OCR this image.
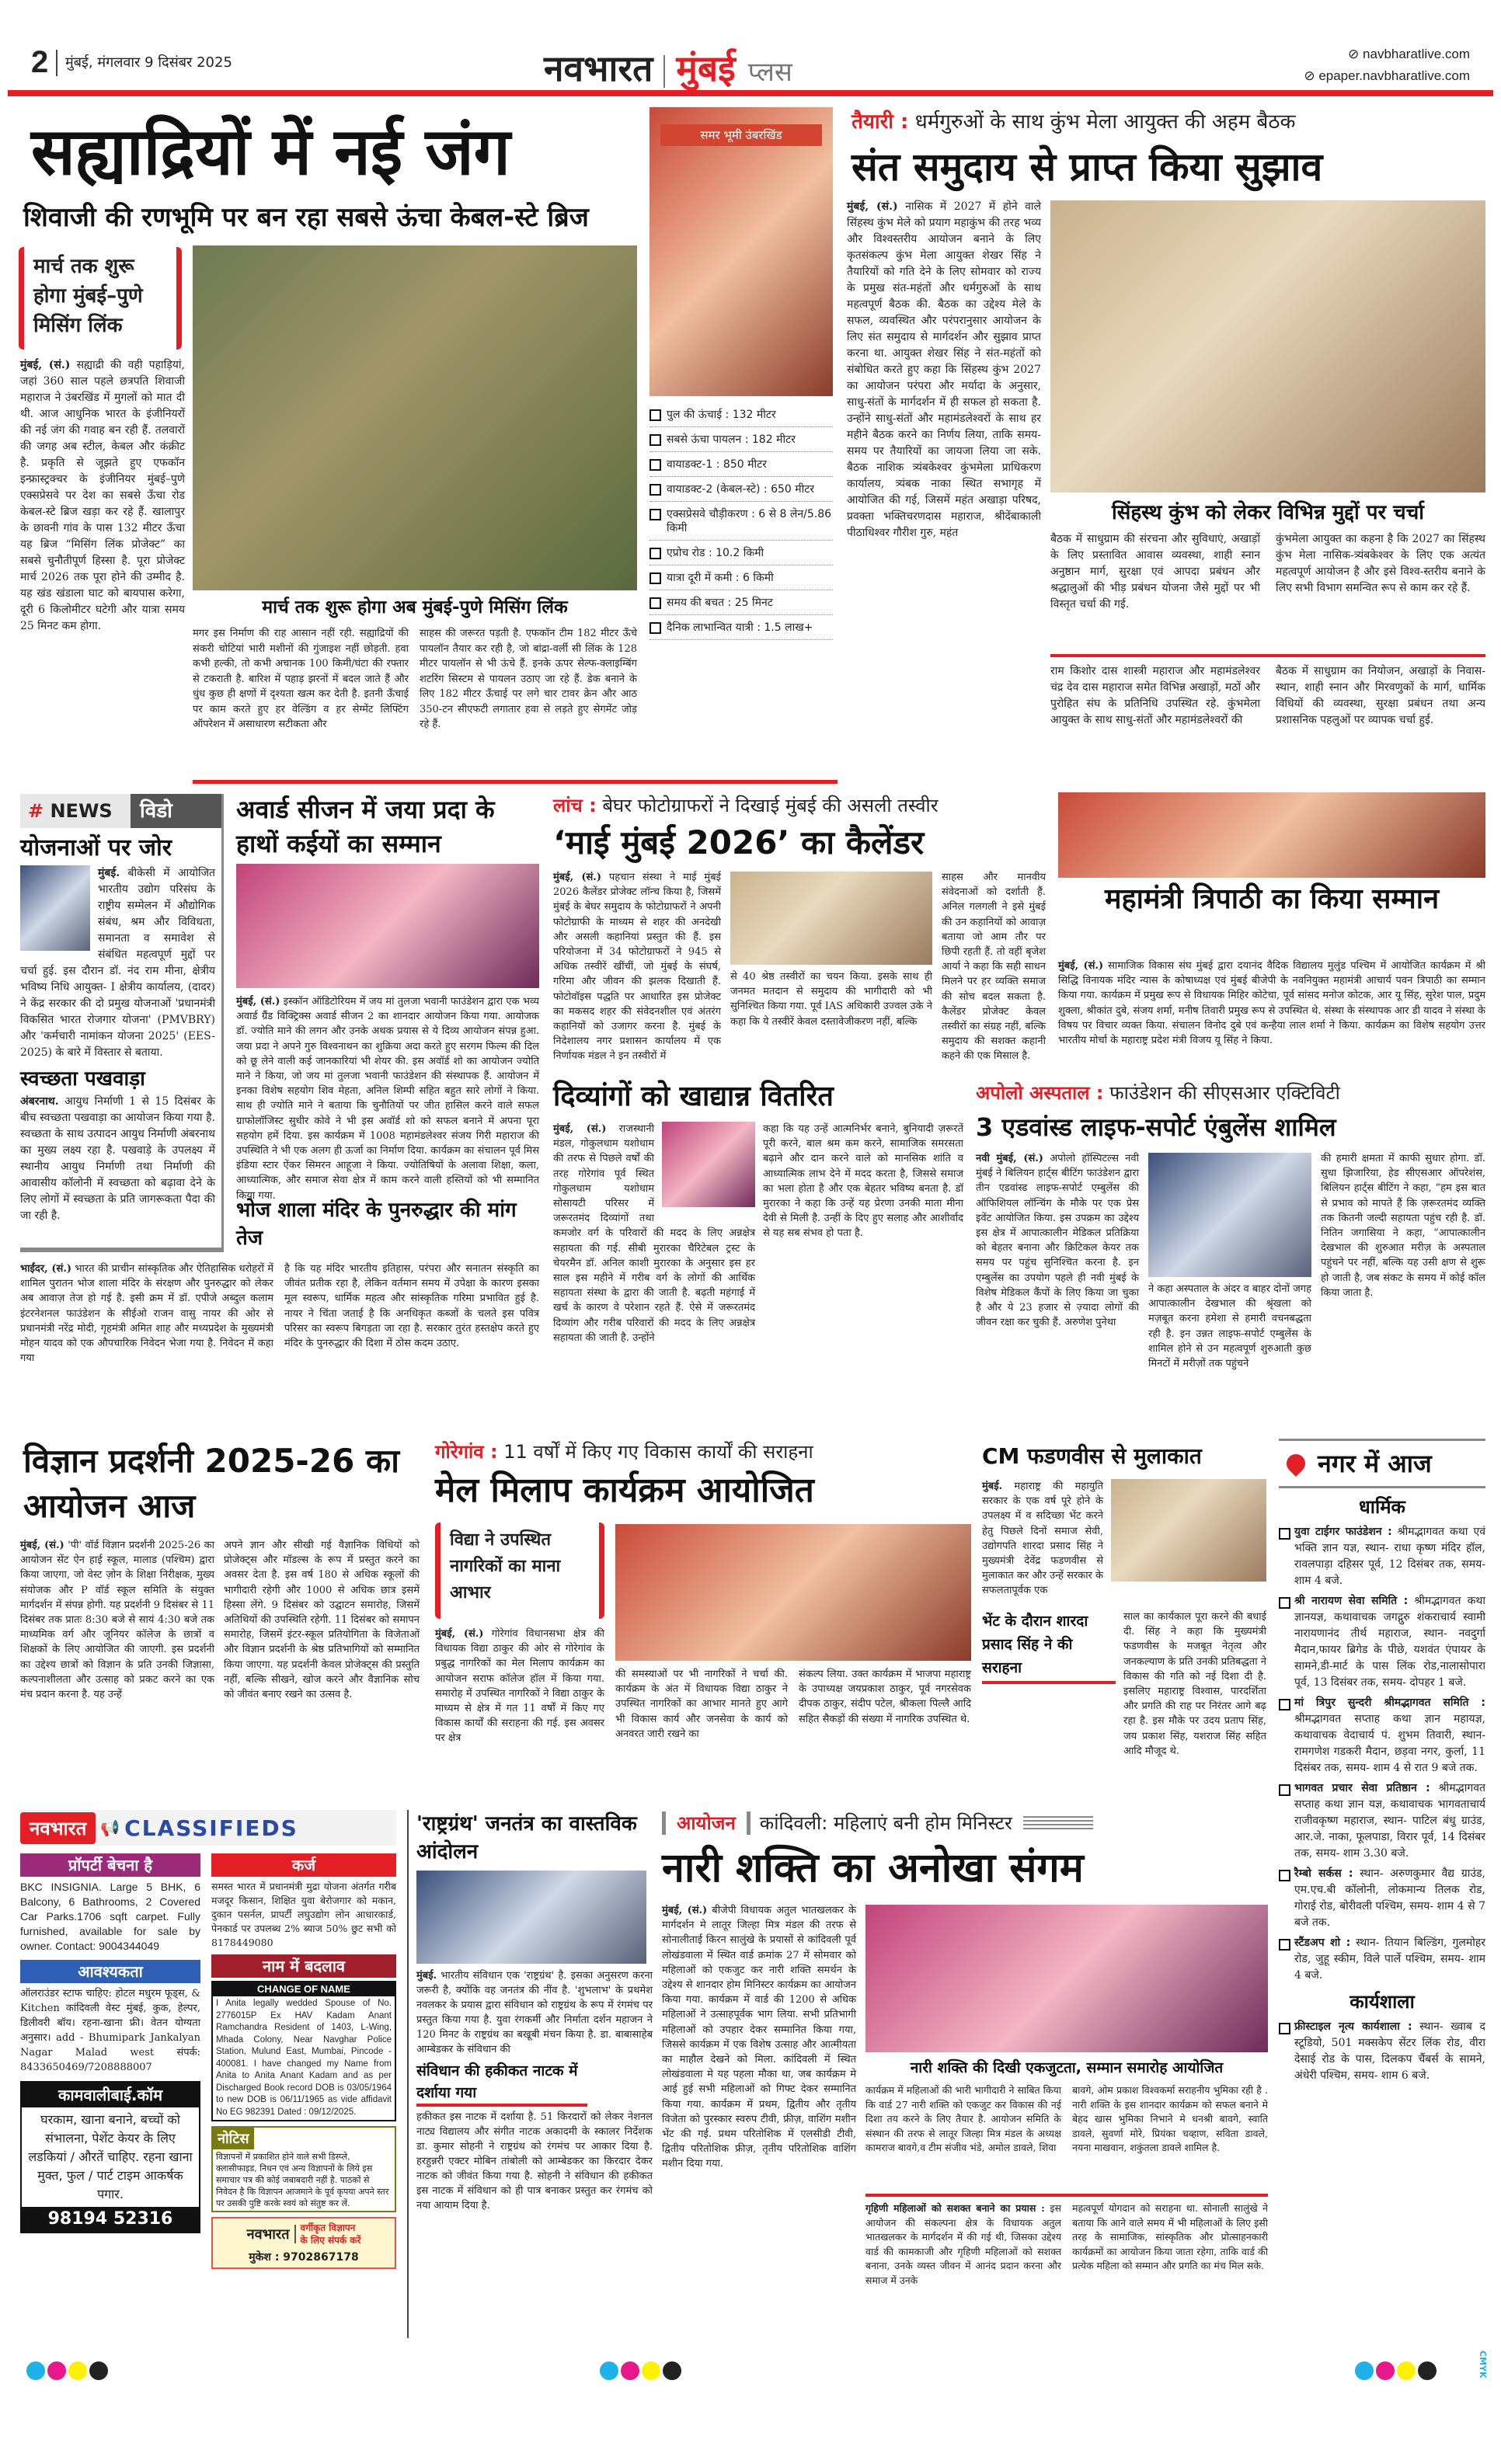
2	मुंबई, मंगलवार 9 दिसंबर 2025	नवभारत मुंबई प्लस
⊘ navbharatlive.com
⊘ epaper.navbharatlive.com
सह्याद्रियों में नई जंग
शिवाजी की रणभूमि पर बन रहा सबसे ऊंचा केबल-स्टे ब्रिज
मार्च तक शुरू होगा मुंबई–पुणे मिसिंग लिंक
मुंबई, (सं.) सह्याद्री की वही पहाड़ियां, जहां 360 साल पहले छत्रपति शिवाजी महाराज ने उंबरखिंड में मुगलों को मात दी थी. आज आधुनिक भारत के इंजीनियरों की नई जंग की गवाह बन रही हैं. तलवारों की जगह अब स्टील, केबल और कंक्रीट है. प्रकृति से जूझते हुए एफकॉन इन्फ्रास्ट्रक्चर के इंजीनियर मुंबई–पुणे एक्सप्रेसवे पर देश का सबसे ऊँचा रोड केबल-स्टे ब्रिज खड़ा कर रहे हैं. खालापुर के छावनी गांव के पास 132 मीटर ऊँचा यह ब्रिज “मिसिंग लिंक प्रोजेक्ट” का सबसे चुनौतीपूर्ण हिस्सा है. पूरा प्रोजेक्ट मार्च 2026 तक पूरा होने की उम्मीद है. यह खंड खंडाला घाट को बायपास करेगा, दूरी 6 किलोमीटर घटेगी और यात्रा समय 25 मिनट कम होगा.
मार्च तक शुरू होगा अब मुंबई-पुणे मिसिंग लिंक
मगर इस निर्माण की राह आसान नहीं रही. सह्याद्रियों की संकरी चोटियां भारी मशीनों की गुंजाइश नहीं छोड़ती. हवा कभी हल्की, तो कभी अचानक 100 किमी/घंटा की रफ्तार से टकराती है. बारिश में पहाड़ झरनों में बदल जाते हैं और धुंध कुछ ही क्षणों में दृश्यता खत्म कर देती है. इतनी ऊँचाई पर काम करते हुए हर वेल्डिंग व हर सेग्मेंट लिफ्टिंग ऑपरेशन में असाधारण सटीकता और
साहस की जरूरत पड़ती है. एफकॉन टीम 182 मीटर ऊँचे पायलॉन तैयार कर रही है, जो बांद्रा-वर्ली सी लिंक के 128 मीटर पायलॉन से भी ऊंचे हैं. इनके ऊपर सेल्फ-क्लाइम्बिंग शटरिंग सिस्टम से पायलन उठाए जा रहे हैं. डेक बनाने के लिए 182 मीटर ऊँचाई पर लगे चार टावर क्रेन और आठ 350-टन सीएफटी लगातार हवा से लड़ते हुए सेगमेंट जोड़ रहे हैं.
समर भूमी उंबरखिंड
पुल की ऊंचाई : 132 मीटर
सबसे ऊंचा पायलन : 182 मीटर
वायाडक्ट-1 : 850 मीटर
वायाडक्ट-2 (केबल-स्टे) : 650 मीटर
एक्सप्रेसवे चौड़ीकरण : 6 से 8 लेन/5.86 किमी
एप्रोच रोड : 10.2 किमी
यात्रा दूरी में कमी : 6 किमी
समय की बचत : 25 मिनट
दैनिक लाभान्वित यात्री : 1.5 लाख+
तैयारी : धर्मगुरुओं के साथ कुंभ मेला आयुक्त की अहम बैठक
संत समुदाय से प्राप्त किया सुझाव
मुंबई, (सं.) नासिक में 2027 में होने वाले सिंहस्थ कुंभ मेले को प्रयाग महाकुंभ की तरह भव्य और विश्वस्तरीय आयोजन बनाने के लिए कृतसंकल्प कुंभ मेला आयुक्त शेखर सिंह ने तैयारियों को गति देने के लिए सोमवार को राज्य के प्रमुख संत-महंतों और धर्मगुरुओं के साथ महत्वपूर्ण बैठक की. बैठक का उद्देश्य मेले के सफल, व्यवस्थित और परंपरानुसार आयोजन के लिए संत समुदाय से मार्गदर्शन और सुझाव प्राप्त करना था. आयुक्त शेखर सिंह ने संत-महंतों को संबोधित करते हुए कहा कि सिंहस्थ कुंभ 2027 का आयोजन परंपरा और मर्यादा के अनुसार, साधु-संतों के मार्गदर्शन में ही सफल हो सकता है. उन्होंने साधु-संतों और महामंडलेश्वरों के साथ हर महीने बैठक करने का निर्णय लिया, ताकि समय-समय पर तैयारियों का जायजा लिया जा सके. बैठक नाशिक त्र्यंबकेश्वर कुंभमेला प्राधिकरण कार्यालय, त्र्यंबक नाका स्थित सभागृह में आयोजित की गई, जिसमें महंत अखाड़ा परिषद, प्रवक्ता भक्तिचरणदास महाराज, श्रीदेंबाकाली पीठाधिश्वर गौरीश गुरु, महंत
सिंहस्थ कुंभ को लेकर विभिन्न मुद्दों पर चर्चा
बैठक में साधुग्राम की संरचना और सुविधाएं, अखाड़ों के लिए प्रस्तावित आवास व्यवस्था, शाही स्नान अनुष्ठान मार्ग, सुरक्षा एवं आपदा प्रबंधन और श्रद्धालुओं की भीड़ प्रबंधन योजना जैसे मुद्दों पर भी विस्तृत चर्चा की गई.
कुंभमेला आयुक्त का कहना है कि 2027 का सिंहस्थ कुंभ मेला नासिक-त्र्यंबकेश्वर के लिए एक अत्यंत महत्वपूर्ण आयोजन है और इसे विश्व-स्तरीय बनाने के लिए सभी विभाग समन्वित रूप से काम कर रहे हैं.
राम किशोर दास शास्त्री महाराज और महामंडलेश्वर चंद्र देव दास महाराज समेत विभिन्न अखाड़ों, मठों और पुरोहित संघ के प्रतिनिधि उपस्थित रहे. कुंभमेला आयुक्त के साथ साधु-संतों और महामंडलेश्वरों की
बैठक में साधुग्राम का नियोजन, अखाड़ों के निवास-स्थान, शाही स्नान और मिरवणुकों के मार्ग, धार्मिक विधियों की व्यवस्था, सुरक्षा प्रबंधन तथा अन्य प्रशासनिक पहलुओं पर व्यापक चर्चा हुई.
# NEWS	विडो
योजनाओं पर जोर
मुंबई. बीकेसी में आयोजित भारतीय उद्योग परिसंघ के राष्ट्रीय सम्मेलन में औद्योगिक संबंध, श्रम और विविधता, समानता व समावेश से संबंधित महत्वपूर्ण मुद्दों पर चर्चा हुई. इस दौरान डॉ. नंद राम मीना, क्षेत्रीय भविष्य निधि आयुक्त- I क्षेत्रीय कार्यालय, (दादर) ने केंद्र सरकार की दो प्रमुख योजनाओं 'प्रधानमंत्री विकसित भारत रोजगार योजना' (PMVBRY) और 'कर्मचारी नामांकन योजना 2025' (EES-2025) के बारे में विस्तार से बताया.
स्वच्छता पखवाड़ा
अंबरनाथ. आयुध निर्माणी 1 से 15 दिसंबर के बीच स्वच्छता पखवाड़ा का आयोजन किया गया है. स्वच्छता के साथ उत्पादन आयुध निर्माणी अंबरनाथ का मुख्य लक्ष्य रहा है. पखवाड़े के उपलक्ष्य में स्थानीय आयुध निर्माणी तथा निर्माणी की आवासीय कॉलोनी में स्वच्छता को बढ़ावा देने के लिए लोगों में स्वच्छता के प्रति जागरूकता पैदा की जा रही है.
अवार्ड सीजन में जया प्रदा के हाथों कईयों का सम्मान
मुंबई, (सं.) इस्कॉन ऑडिटोरियम में जय मां तुलजा भवानी फाउंडेशन द्वारा एक भव्य अवार्ड ग्रैंड विक्ट्रिक्स अवार्ड सीजन 2 का शानदार आयोजन किया गया. आयोजक डॉ. ज्योति माने की लगन और उनके अथक प्रयास से ये दिव्य आयोजन संपन्न हुआ. जया प्रदा ने अपने गुरु विश्वनाथन का शुक्रिया अदा करते हुए सरगम फिल्म की दिल को छू लेने वाली कई जानकारियां भी शेयर की. इस अवॉर्ड शो का आयोजन ज्योति माने ने किया, जो जय मां तुलजा भवानी फाउंडेशन की संस्थापक हैं. आयोजन में इनका विशेष सहयोग शिव मेहता, अनिल शिम्पी सहित बहुत सारे लोगों ने किया. साथ ही ज्योति माने ने बताया कि चुनौतियों पर जीत हासिल करने वाले सफल ग्राफोलॉजिस्ट सुधीर कोवे ने भी इस अवॉर्ड शो को सफल बनाने में अपना पूरा सहयोग हमें दिया. इस कार्यक्रम में 1008 महामंडलेश्वर संजय गिरी महाराज की उपस्थिति ने भी एक अलग ही ऊर्जा का निर्माण दिया. कार्यक्रम का संचालन पूर्व मिस इंडिया स्टार ऐंकर सिमरन आहूजा ने किया. ज्योतिषियों के अलावा शिक्षा, कला, आध्यात्मिक, और समाज सेवा क्षेत्र में काम करने वाली हस्तियों को भी सम्मानित किया गया.
लांच : बेघर फोटोग्राफरों ने दिखाई मुंबई की असली तस्वीर
‘माई मुंबई 2026’ का कैलेंडर
मुंबई, (सं.) पहचान संस्था ने माई मुंबई 2026 कैलेंडर प्रोजेक्ट लॉन्च किया है, जिसमें मुंबई के बेघर समुदाय के फोटोग्राफरों ने अपनी फोटोग्राफी के माध्यम से शहर की अनदेखी और असली कहानियां प्रस्तुत की हैं. इस परियोजना में 34 फोटोग्राफरों ने 945 से अधिक तस्वीरें खींचीं, जो मुंबई के संघर्ष, गरिमा और जीवन की झलक दिखाती हैं. फोटोवॉइस पद्धति पर आधारित इस प्रोजेक्ट का मकसद शहर की संवेदनशील एवं अंतरंग कहानियों को उजागर करना है. मुंबई के निदेशालय नगर प्रशासन कार्यालय में एक निर्णायक मंडल ने इन तस्वीरों में
से 40 श्रेष्ठ तस्वीरों का चयन किया. इसके साथ ही जनमत मतदान से समुदाय की भागीदारी को भी सुनिश्चित किया गया. पूर्व IAS अधिकारी उज्वल उके ने कहा कि ये तस्वीरें केवल दस्तावेजीकरण नहीं, बल्कि
साहस और मानवीय संवेदनाओं को दर्शाती हैं. अनिल गलगली ने इसे मुंबई की उन कहानियों को आवाज़ बताया जो आम तौर पर छिपी रहती हैं. तो वहीं बृजेश आर्या ने कहा कि सही साधन मिलने पर हर व्यक्ति समाज की सोच बदल सकता है. कैलेंडर प्रोजेक्ट केवल तस्वीरों का संग्रह नहीं, बल्कि समुदाय की सशक्त कहानी कहने की एक मिसाल है.
महामंत्री त्रिपाठी का किया सम्मान
मुंबई, (सं.) सामाजिक विकास संघ मुंबई द्वारा दयानंद वैदिक विद्यालय मुलुंड पश्चिम में आयोजित कार्यक्रम में श्री सिद्धि विनायक मंदिर न्यास के कोषाध्यक्ष एवं मुंबई बीजेपी के नवनियुक्त महामंत्री आचार्य पवन त्रिपाठी का सम्मान किया गया. कार्यक्रम में प्रमुख रूप से विधायक मिहिर कोटेचा, पूर्व सांसद मनोज कोटक, आर यू सिंह, सुरेश पाल, प्रदुम शुक्ला, श्रीकांत दुबे, संजय शर्मा, मनीष तिवारी प्रमुख रूप से उपस्थित थे. संस्था के संस्थापक आर डी यादव ने संस्था के विषय पर विचार व्यक्त किया. संचालन विनोद दुबे एवं कन्हैया लाल शर्मा ने किया. कार्यक्रम का विशेष सहयोग उत्तर भारतीय मोर्चा के महाराष्ट्र प्रदेश मंत्री विजय यू सिंह ने किया.
दिव्यांगों को खाद्यान्न वितरित
मुंबई, (सं.) राजस्थानी मंडल, गोकुलधाम यशोधाम की तरफ से पिछले वर्षों की तरह गोरेगांव पूर्व स्थित गोकुलधाम यशोधाम सोसायटी परिसर में जरूरतमंद दिव्यांगों तथा कमजोर वर्ग के परिवारों की मदद के लिए अन्नक्षेत्र सहायता की गई. सीबी मुरारका चैरिटेबल ट्रस्ट के चेयरमैन डॉ. अनिल काशी मुरारका के अनुसार इस हर साल इस महीने में गरीब वर्ग के लोगों की आर्थिक सहायता संस्था के द्वारा की जाती है. बढ़ती महंगाई में खर्च के कारण वे परेशान रहते हैं. ऐसे में जरूरतमंद दिव्यांग और गरीब परिवारों की मदद के लिए अन्नक्षेत्र सहायता की जाती है. उन्होंने
कहा कि यह उन्हें आत्मनिर्भर बनाने, बुनियादी ज़रूरतें पूरी करने, बाल श्रम कम करने, सामाजिक समरसता बढ़ाने और दान करने वाले को मानसिक शांति व आध्यात्मिक लाभ देने में मदद करता है, जिससे समाज का भला होता है और एक बेहतर भविष्य बनता है. डॉ मुरारका ने कहा कि उन्हें यह प्रेरणा उनकी माता मीना देवी से मिली है. उन्हीं के दिए हुए सलाह और आशीर्वाद से यह सब संभव हो पता है.
अपोलो अस्पताल : फाउंडेशन की सीएसआर एक्टिविटी
3 एडवांस्ड लाइफ-सपोर्ट एंबुलेंस शामिल
नवी मुंबई, (सं.) अपोलो हॉस्पिटल्स नवी मुंबई ने बिलियन हार्ट्स बीटिंग फाउंडेशन द्वारा तीन एडवांस्ड लाइफ-सपोर्ट एम्बुलेंस की ऑफिशियल लॉन्चिंग के मौके पर एक प्रेस इवेंट आयोजित किया. इस उपक्रम का उद्देश्य इस क्षेत्र में आपात्कालीन मेडिकल प्रतिक्रिया को बेहतर बनाना और क्रिटिकल केयर तक समय पर पहुंच सुनिश्चित करना है. इन एम्बुलेंस का उपयोग पहले ही नवी मुंबई के विशेष मेडिकल कैंपों के लिए किया जा चुका है और ये 23 हजार से ज़्यादा लोगों की जीवन रक्षा कर चुकी हैं. अरुणेश पुनेथा
ने कहा अस्पताल के अंदर व बाहर दोनों जगह आपात्कालीन देखभाल की श्रृंखला को मज़बूत करना हमेशा से हमारी वचनबद्धता रही है. इन उन्नत लाइफ-सपोर्ट एम्बुलेंस के शामिल होने से उन महत्वपूर्ण शुरुआती कुछ मिनटों में मरीज़ों तक पहुंचने
की हमारी क्षमता में काफी सुधार होगा. डॉ. सुधा झिजारिया, हेड सीएसआर ऑपरेशंस, बिलियन हार्ट्स बीटिंग ने कहा, “हम इस बात से प्रभाव को मापते हैं कि ज़रूरतमंद व्यक्ति तक कितनी जल्दी सहायता पहुंच रही है. डॉ. नितिन जगासिया ने कहा, “आपात्कालीन देखभाल की शुरुआत मरीज़ के अस्पताल पहुंचने पर नहीं, बल्कि यह उसी क्षण से शुरू हो जाती है, जब संकट के समय में कोई कॉल किया जाता है.
भोज शाला मंदिर के पुनरुद्धार की मांग तेज
भाईंदर, (सं.) भारत की प्राचीन सांस्कृतिक और ऐतिहासिक धरोहरों में शामिल पुरातन भोज शाला मंदिर के संरक्षण और पुनरुद्धार को लेकर अब आवाज़ तेज हो गई है. इसी क्रम में डॉ. एपीजे अब्दुल कलाम इंटरनेशनल फाउंडेशन के सीईओ राजन वासु नायर की ओर से प्रधानमंत्री नरेंद्र मोदी, गृहमंत्री अमित शाह और मध्यप्रदेश के मुख्यमंत्री मोहन यादव को एक औपचारिक निवेदन भेजा गया है. निवेदन में कहा गया
है कि यह मंदिर भारतीय इतिहास, परंपरा और सनातन संस्कृति का जीवंत प्रतीक रहा है, लेकिन वर्तमान समय में उपेक्षा के कारण इसका मूल स्वरूप, धार्मिक महत्व और सांस्कृतिक गरिमा प्रभावित हुई है. नायर ने चिंता जताई है कि अनधिकृत कब्जों के चलते इस पवित्र परिसर का स्वरूप बिगड़ता जा रहा है. सरकार तुरंत हस्तक्षेप करते हुए मंदिर के पुनरुद्धार की दिशा में ठोस कदम उठाए.
विज्ञान प्रदर्शनी 2025-26 का आयोजन आज
मुंबई, (सं.) 'पी' वॉर्ड विज्ञान प्रदर्शनी 2025-26 का आयोजन सेंट ऐन हाई स्कूल, मालाड (पश्चिम) द्वारा किया जाएगा, जो वेस्ट ज़ोन के शिक्षा निरीक्षक, मुख्य संयोजक और P वॉर्ड स्कूल समिति के संयुक्त मार्गदर्शन में संपन्न होगी. यह प्रदर्शनी 9 दिसंबर से 11 दिसंबर तक प्रातः 8:30 बजे से सायं 4:30 बजे तक माध्यमिक वर्ग और जूनियर कॉलेज के छात्रों व शिक्षकों के लिए आयोजित की जाएगी. इस प्रदर्शनी का उद्देश्य छात्रों को विज्ञान के प्रति उनकी जिज्ञासा, कल्पनाशीलता और उत्साह को प्रकट करने का एक मंच प्रदान करना है. यह उन्हें
अपने ज्ञान और सीखी गई वैज्ञानिक विधियों को प्रोजेक्ट्स और मॉडल्स के रूप में प्रस्तुत करने का अवसर देता है. इस वर्ष 180 से अधिक स्कूलों की भागीदारी रहेगी और 1000 से अधिक छात्र इसमें हिस्सा लेंगे. 9 दिसंबर को उद्घाटन समारोह, जिसमें अतिथियों की उपस्थिति रहेगी. 11 दिसंबर को समापन समारोह, जिसमें इंटर-स्कूल प्रतियोगिता के विजेताओं और विज्ञान प्रदर्शनी के श्रेष्ठ प्रतिभागियों को सम्मानित किया जाएगा. यह प्रदर्शनी केवल प्रोजेक्ट्स की प्रस्तुति नहीं, बल्कि सीखने, खोज करने और वैज्ञानिक सोच को जीवंत बनाए रखने का उत्सव है.
गोरेगांव : 11 वर्षों में किए गए विकास कार्यों की सराहना
मेल मिलाप कार्यक्रम आयोजित
विद्या ने उपस्थित नागरिकों का माना आभार
मुंबई, (सं.) गोरेगांव विधानसभा क्षेत्र की विधायक विद्या ठाकुर की ओर से गोरेगांव के प्रबुद्ध नागरिकों का मेल मिलाप कार्यक्रम का आयोजन सराफ कॉलेज हॉल में किया गया. समारोह में उपस्थित नागरिकों ने विद्या ठाकुर के माध्यम से क्षेत्र में गत 11 वर्षों में किए गए विकास कार्यों की सराहना की गई. इस अवसर पर क्षेत्र
की समस्याओं पर भी नागरिकों ने चर्चा की. कार्यक्रम के अंत में विधायक विद्या ठाकुर ने उपस्थित नागरिकों का आभार मानते हुए आगे भी विकास कार्य और जनसेवा के कार्य को अनवरत जारी रखने का
संकल्प लिया. उक्त कार्यक्रम में भाजपा महाराष्ट्र के उपाध्यक्ष जयप्रकाश ठाकुर, पूर्व नगरसेवक दीपक ठाकुर, संदीप पटेल, श्रीकला पिल्लै आदि सहित सैकड़ों की संख्या में नागरिक उपस्थित थे.
CM फडणवीस से मुलाकात
मुंबई. महाराष्ट्र की महायुति सरकार के एक वर्ष पूरे होने के उपलक्ष्य में व सदिच्छा भेंट करने हेतु पिछले दिनों समाज सेवी, उद्योगपति शारदा प्रसाद सिंह ने मुख्यमंत्री देवेंद्र फडणवीस से मुलाकात कर और उन्हें सरकार के सफलतापूर्वक एक
भेंट के दौरान शारदा प्रसाद सिंह ने की सराहना
साल का कार्यकाल पूरा करने की बधाई दी. सिंह ने कहा कि मुख्यमंत्री फडणवीस के मजबूत नेतृत्व और जनकल्याण के प्रति उनकी प्रतिबद्धता ने विकास की गति को नई दिशा दी है. इसलिए महाराष्ट्र विश्वास, पारदर्शिता और प्रगति की राह पर निरंतर आगे बढ़ रहा है. इस मौके पर उदय प्रताप सिंह, जय प्रकाश सिंह, यशराज सिंह सहित आदि मौजूद थे.
नगर में आज
धार्मिक
युवा टाईगर फाउंडेशन : श्रीमद्भागवत कथा एवं भक्ति ज्ञान यज्ञ, स्थान- राधा कृष्ण मंदिर हॉल, रावलपाड़ा दहिसर पूर्व, 12 दिसंबर तक, समय- शाम 4 बजे.
श्री नारायण सेवा समिति : श्रीमद्भागवत कथा ज्ञानयज्ञ, कथावाचक जगद्गुरु शंकराचार्य स्वामी नारायणानंद तीर्थ महाराज, स्थान- नवदुर्गा मैदान,फायर ब्रिगेड के पीछे, यशवंत एंपायर के सामने,डी-मार्ट के पास लिंक रोड,नालासोपारा पूर्व, 13 दिसंबर तक, समय- दोपहर 1 बजे.
मां त्रिपुर सुन्दरी श्रीमद्भागवत समिति : श्रीमद्भागवत सप्ताह कथा ज्ञान महायज्ञ, कथावाचक वेदाचार्य पं. शुभम तिवारी, स्थान- रामगणेश गडकरी मैदान, छड़वा नगर, कुर्ला, 11 दिसंबर तक, समय- शाम 4 से रात 9 बजे तक.
भागवत प्रचार सेवा प्रतिष्ठान : श्रीमद्भागवत सप्ताह कथा ज्ञान यज्ञ, कथावाचक भागवताचार्य राजीवकृष्ण महाराज, स्थान- पाटिल बंधु ग्राउंड, आर.जे. नाका, फूलपाडा, विरार पूर्व, 14 दिसंबर तक, समय- शाम 3.30 बजे.
रैम्बो सर्कस : स्थान- अरुणकुमार वैद्य ग्राउंड, एम.एच.बी कॉलोनी, लोकमान्य तिलक रोड, गोराई रोड, बोरीवली पश्चिम, समय- शाम 4 से 7 बजे तक.
स्टैंडअप शो : स्थान- तियान बिल्डिंग, गुलमोहर रोड, जुहू स्कीम, विले पार्ले पश्चिम, समय- शाम 4 बजे.
कार्यशाला
फ्रीस्टाइल नृत्य कार्यशाला : स्थान- ख्वाब द स्टूडियो, 501 मक्सकेप सेंटर लिंक रोड, वीरा देसाई रोड के पास, दिलकप चैंबर्स के सामने, अंधेरी पश्चिम, समय- शाम 6 बजे.
नवभारत 📢 CLASSIFIEDS
प्रॉपर्टी बेचना है
BKC INSIGNIA. Large 5 BHK, 6 Balcony, 6 Bathrooms, 2 Covered Car Parks.1706 sqft carpet. Fully furnished, available for sale by owner. Contact: 9004344049
आवश्यकता
ऑलराउंडर स्टाफ चाहिए: होटल मधुरम फूड्स, & Kitchen कांदिवली वेस्ट मुंबई, कुक, हेल्पर, डिलीवरी बॉय। रहना-खाना फ्री। वेतन योग्यता अनुसार। add - Bhumipark Jankalyan Nagar Malad west संपर्क: 8433650469/7208888007
कामवालीबाई.कॉम
घरकाम, खाना बनाने, बच्चों को संभालना, पेशेंट केयर के लिए लडकियां / औरतें चाहिए. रहना खाना मुक्त, फुल / पार्ट टाइम आकर्षक पगार.
98194 52316
कर्ज
समस्त भारत में प्रधानमंत्री मुद्रा योजना अंतर्गत गरीब मजदूर किसान, शिक्षित युवा बेरोजगार को मकान, दुकान पसर्नल, प्रापर्टी लघुउद्योग लोन आधारकार्ड, पेनकार्ड पर उपलब्ध 2% ब्याज 50% छुट सभी को 8178449080
नाम में बदलाव
CHANGE OF NAME
I Anita legally wedded Spouse of No. 2776015P Ex HAV Kadam Anant Ramchandra Resident of 1403, L-Wing, Mhada Colony, Near Navghar Police Station, Mulund East, Mumbai, Pincode - 400081. I have changed my Name from Anita to Anita Anant Kadam and as per Discharged Book record DOB is 03/05/1964 to new DOB is 06/11/1965 as vide affidavit No EG 982391 Dated : 09/12/2025.
नोटिस
विज्ञापनों में प्रकाशित होने वाले सभी डिस्प्ले, क्लासीफाइड, निधन एवं अन्य विज्ञापनों के लिये इस समाचार पत्र की कोई जबाबदारी नहीं है. पाठकों से निवेदन है कि विज्ञापन आजमाने के पूर्व कृपया अपने स्तर पर उसकी पुष्टि करके स्वयं को संतुष्ट कर लें.
नवभारत	वर्गीकृत विज्ञापन
के लिए संपर्क करें
मुकेश : 9702867178
'राष्ट्रग्रंथ' जनतंत्र का वास्तविक आंदोलन
मुंबई. भारतीय संविधान एक 'राष्ट्रग्रंथ' है. इसका अनुसरण करना जरूरी है, क्योंकि वह जनतंत्र की नींव है. 'शुभलाभ' के प्रथमेश नवलकर के प्रयास द्वारा संविधान को राष्ट्रग्रंथ के रूप में रंगमंच पर प्रस्तुत किया गया है. युवा रंगकर्मी और निर्माता दर्शन महाजन ने 120 मिनट के राष्ट्रग्रंथ का बखूबी मंचन किया है. डा. बाबासाहेब आम्बेडकर के संविधान की
संविधान की हकीकत नाटक में दर्शाया गया
हकीकत इस नाटक में दर्शाया है. 51 किरदारों को लेकर नेशनल नाट्य विद्यालय और संगीत नाटक अकादमी के स्कालर निर्देशक डा. कुमार सोहनी ने राष्ट्रग्रंथ को रंगमंच पर आकार दिया है. हरहुन्नरी एक्टर मोबिन तांबोली को आम्बेडकर का किरदार देकर नाटक को जीवंत किया गया है. सोहनी ने संविधान की हकीकत इस नाटक में संविधान को ही पात्र बनाकर प्रस्तुत कर रंगमंच को नया आयाम दिया है.
आयोजन कांदिवली: महिलाएं बनी होम मिनिस्टर
नारी शक्ति का अनोखा संगम
मुंबई, (सं.) बीजेपी विधायक अतुल भातखलकर के मार्गदर्शन मे लातूर जिल्हा मित्र मंडल की तरफ से सोनालीताई किरन सालुंखे के प्रयासों से कांदिवली पूर्व लोखंडवाला में स्थित वार्ड क्रमांक 27 में सोमवार को महिलाओं को एकजुट कर नारी शक्ति समर्थन के उद्देश्य से शानदार होम मिनिस्टर कार्यक्रम का आयोजन किया गया. कार्यक्रम में वार्ड की 1200 से अधिक महिलाओं ने उत्साहपूर्वक भाग लिया. सभी प्रतिभागी महिलाओं को उपहार देकर सम्मानित किया गया, जिससे कार्यक्रम में एक विशेष उत्साह और आत्मीयता का माहौल देखने को मिला. कांदिवली में स्थित लोखंडवाला मे यह पहला मौका था, जब कार्यक्रम मे आई हुई सभी महिलाओं को गिफ्ट देकर सम्मानित किया गया. कार्यक्रम में प्रथम, द्वितीय और तृतीय विजेता को पुरस्कार स्वरुप टीवी, फ्रीज़, वाशिंग मशीन भेंट की गई. प्रथम परितोशिक में एलसीडी टीवी, द्वितीय परितोशिक फ्रीज़, तृतीय परितोशिक वाशिंग मशीन दिया गया.
नारी शक्ति की दिखी एकजुटता, सम्मान समारोह आयोजित
कार्यक्रम में महिलाओं की भारी भागीदारी ने साबित किया कि वार्ड 27 नारी शक्ति को एकजुट कर विकास की नई दिशा तय करने के लिए तैयार है. आयोजन समिति के संस्थान की तरफ से लातूर जिल्हा मित्र मंडल के अध्यक्ष कामराज बावगे,व टीम संजीव भंडे, अमोल डावले, शिवा
बावगे, ओम प्रकाश विश्वकर्मा सराहनीय भुमिका रही है . नारी शक्ति के इस शानदार कार्यक्रम को सफल बनाने मे बेहद खास भुमिका निभाने मे धनश्री बावगे, स्वाति डावले, सुवर्णा मोरे, प्रियंका चव्हाण, सविता डावले, नयना माखवान, शकुंतला डावले शामिल है.
गृहिणी महिलाओं को सशक्त बनाने का प्रयास : इस आयोजन की संकल्पना क्षेत्र के विधायक अतुल भातखलकर के मार्गदर्शन में की गई थी, जिसका उद्देश्य वार्ड की कामकाजी और गृहिणी महिलाओं को सशक्त बनाना, उनके व्यस्त जीवन में आनंद प्रदान करना और समाज में उनके
महत्वपूर्ण योगदान को सराहना था. सोनाली सालुंखे ने बताया कि आने वाले समय में भी महिलाओं के लिए इसी तरह के सामाजिक, सांस्कृतिक और प्रोत्साहनकारी कार्यक्रमों का आयोजन किया जाता रहेगा, ताकि वार्ड की प्रत्येक महिला को सम्मान और प्रगति का मंच मिल सके.
CMYK
